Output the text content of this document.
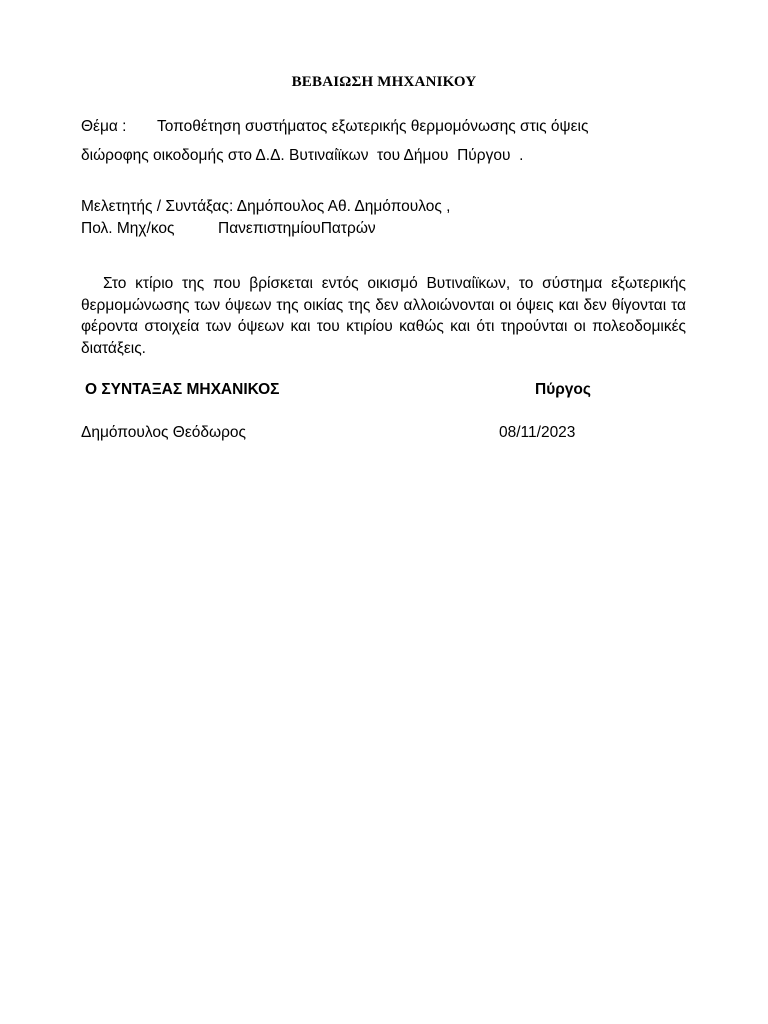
ΒΕΒΑΙΩΣΗ ΜΗΧΑΝΙΚΟΥ
Θέμα : Τοποθέτηση συστήματος εξωτερικής θερμομόνωσης στις όψεις
διώροφης οικοδομής στο Δ.Δ. Βυτιναίϊκων  του Δήμου  Πύργου  .
Μελετητής / Συντάξας: Δημόπουλος Αθ. Δημόπουλος ,
Πολ. Μηχ/κος	ΠανεπιστημίουΠατρών
Στο κτίριο της που βρίσκεται εντός οικισμό Βυτιναίϊκων, το σύστημα εξωτερικής θερμομώνωσης των όψεων της οικίας της δεν αλλοιώνονται οι όψεις και δεν θίγονται τα φέροντα στοιχεία των όψεων και του κτιρίου καθώς και ότι τηρούνται οι πολεοδομικές διατάξεις.
Ο ΣΥΝΤΑΞΑΣ ΜΗΧΑΝΙΚΟΣ	Πύργος
Δημόπουλος Θεόδωρος	08/11/2023
